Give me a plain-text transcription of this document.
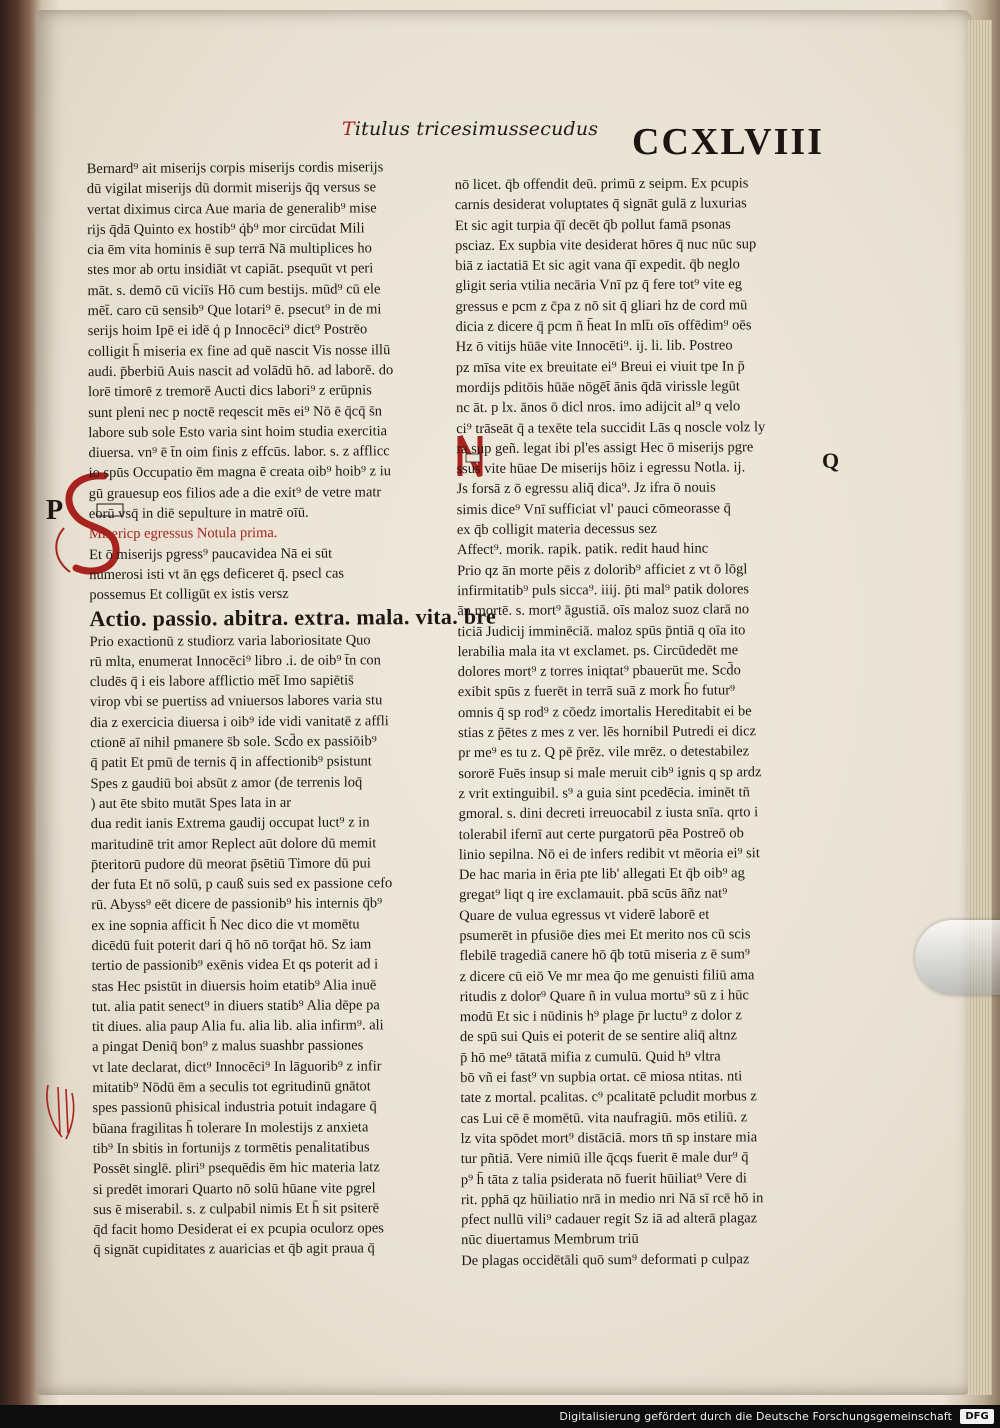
Titulus tricesimussecudus CCXLVIII
P
Q
Bernard⁹ ait miserijs corpis miserijs cordis miserijs
dū vigilat miserijs dū dormit miserijs q̄q versus se
vertat diximus circa Aue maria de generalib⁹ mise
rijs q̄dā Quinto ex hostib⁹ q̇b⁹ mor circūdat Mili
cia ēm vita hominis ē sup terrā Nā multiplices ho
stes mor ab ortu insidiāt vt capiāt. psequūt vt peri
māt. s. demō cū viciīs Hō cum bestijs. mūd⁹ cū ele
mēt̄. caro cū sensib⁹ Que lotari⁹ ē. psecut⁹ in de mi
serijs hoim Ipē ei idē q̇ p Innocēci⁹ dict⁹ Postrēo
colligit h̄ miseria ex fine ad quē nascit Vis nosse illū
audi. p̄berbiū Auis nascit ad volādū hō. ad laborē. do
lorē timorē z tremorē Aucti dics labori⁹ z erūpnis
sunt pleni nec p noctē reqescit mēs ei⁹ Nō ē q̄cq̄ s̄n
labore sub sole Esto varia sint hoim studia exercitia
diuersa. vn⁹ ē t̄n oim finis z effcūs. labor. s. z afflicc
io spūs Occupatio ēm magna ē creata oib⁹ hoib⁹ z iu
gū grauesup eos filios ade a die exit⁹ de vetre matr
eorū vsq̄ in diē sepulture in matrē oīū.
Misericp egressus Notula prima.
Et ō miserijs pgress⁹ paucavidea Nā ei sūt
numerosi isti vt ān ęgs deficeret q̄. psecl cas
possemus Et colligūt ex istis versz
Actio. passio. abitra. extra. mala. vita. bre
Prio exactionū z studiorz varia laboriositate Quo
rū mlta, enumerat Innocēci⁹ libro .i. de oib⁹ t̄n con
cludēs q̄ i eis labore afflictio mēt̄ Imo sapiētis̄
virop vbi se puertiss ad vniuersos labores varia stu
dia z exercicia diuersa i oib⁹ ide vidi vanitatē z affli
ctionē aī nihil pmanere s̄b sole. Scd̄o ex passiōib⁹
q̄ patit Et pmū de ternis q̄ in affectionib⁹ psistunt
Spes z gaudiū boi absūt z amor (de terrenis loq̄
) aut ēte sbito mutāt Spes lata in ar
dua redit ianis Extrema gaudij occupat luct⁹ z in
maritudinē trit amor Replect aūt dolore dū memit
p̄teritorū pudore dū meorat p̄sētiū Timore dū pui
der futa Et nō solū, p cauß suis sed ex passione cefo
rū. Abyss⁹ eēt dicere de passionib⁹ his internis q̄b⁹
ex ine sopnia afficit h̄ Nec dico die vt momētu
dicēdū fuit poterit dari q̄ hō nō torq̄at hō. Sz iam
tertio de passionib⁹ exēnis videa Et qs poterit ad i
stas Hec psistūt in diuersis hoim etatib⁹ Alia inuē
tut. alia patit senect⁹ in diuers statib⁹ Alia dēpe pa
tit diues. alia paup Alia fu. alia lib. alia infirm⁹. ali
a pingat Deniq̄ bon⁹ z malus suashbr passiones
vt late declarat, dict⁹ Innocēci⁹ In lāguorib⁹ z infir
mitatib⁹ Nōdū ēm a seculis tot egritudinū gnātot
spes passionū phisical industria potuit indagare q̄
būana fragilitas h̄ tolerare In molestijs z anxieta
tib⁹ In sbitis in fortunijs z tormētis penalitatibus
Possēt singlē. pliri⁹ psequēdis ēm hic materia latz
si predēt imorari Quarto nō solū hūane vite pgrel
sus ē miserabil. s. z culpabil nimis Et h̄ sit psiterē
q̄d facit homo Desiderat ei ex pcupia oculorz opes
q̄ signāt cupiditates z auaricias et q̄b agit praua q̄
nō licet. q̄b offendit deū. primū z seipm. Ex pcupis
carnis desiderat voluptates q̄ signāt gulā z luxurias
Et sic agit turpia q̄ī decēt q̄b pollut famā psonas
psciaz. Ex supbia vite desiderat hōres q̄ nuc nūc sup
biā z iactatiā Et sic agit vana q̄ī expedit. q̄b neglo
gligit seria vtilia necāria Vnī pz q̄ fere tot⁹ vite eg
gressus e pcm z c̄pa z nō sit q̄ gliari hz de cord mū
dicia z dicere q̄ pcm ñ h̄eat In mlt̄ı oīs offēdim⁹ oēs
Hz ō vitijs hūāe vite Innocēti⁹. ij. li. lib. Postreo
pz mīsa vite ex breuitate ei⁹ Breui ei viuit tpe In p̄
mordijs pditōis hūāe nōgēt̄ ānis q̄dā virissle legūt
nc āt. p lx. ānos ō dicl nros. imo adijcit al⁹ q velo
ci⁹ trāseāt q̄ a texēte tela succidit Lās q noscle volz ly
ra sup geñ. legat ibi pl'es assigt Hec ō miserijs pgre
ssus vite hūae De miserijs hōiz i egressu Notla. ij.
Js forsā z ō egressu aliq̄ dica⁹. Jz ifra ō nouis
simis dice⁹ Vnī sufficiat vl' pauci cōmeorasse q̄
ex q̄b colligit materia decessus sez
Affect⁹. morik. rapik. patik. redit haud hinc
Prio qz ān morte pēis z dolorib⁹ afficiet z vt ō lōgl
infirmitatib⁹ puls sicca⁹. iiij. p̄ti mal⁹ patik dolores
ān mortē. s. mort⁹ āgustiā. oīs maloz suoz clarā no
ticiā Judicij imminēciā. maloz spūs p̄ntiā q oīa ito
lerabilia mala ita vt exclamet. ps. Circūdedēt me
dolores mort⁹ z torres iniqtat⁹ pbauerūt me. Scd̄o
exibit spūs z fuerēt in terrā suā z mork h̄o futur⁹
omnis q̄ sp rod⁹ z cōedz imortalis Hereditabit ei be
stias z p̄ētes z mes z ver. lēs hornibil Putredi ei dicz
pr me⁹ es tu z. Q pē p̄rēz. vile mrēz. o detestabilez
sororē Fuēs insup si male meruit cib⁹ ignis q sp ardz
z vrit extinguibil. s⁹ a guia sint pcedēcia. iminēt tn̄
gmoral. s. dini decreti irreuocabil z iusta snīa. qrto i
tolerabil ifernī aut certe purgatorū pēa Postreō ob
linio sepilna. Nō ei de infers redibit vt mēoria ei⁹ sit
De hac maria in ēria pte lib' allegati Et q̄b oib⁹ ag
gregat⁹ liqt q ire exclamauit. pbā scūs āñz nat⁹
Quare de vulua egressus vt viderē laborē et
psumerēt in pfusiōe dies mei Et merito nos cū scis
flebilē tragediā canere hō q̄b totū miseria z ē sum⁹
z dicere cū eiō Ve mr mea q̄o me genuisti filiū ama
ritudis z dolor⁹ Quare ñ in vulua mortu⁹ sū z i hūc
modū Et sic i nūdinis h⁹ plage p̄r luctu⁹ z dolor z
de spū sui Quis ei poterit de se sentire aliq̄ altnz
p̄ hō me⁹ tātatā mifia z cumulū. Quid h⁹ vltra
bō vñ ei fast⁹ vn supbia ortat. cē miosa ntitas. nti
tate z mortal. pcalitas. c⁹ pcalitatē pcludit morbus z
cas Lui cē ē momētū. vita naufragiū. mōs etiliū. z
lz vita spōdet mort⁹ distāciā. mors tn̄ sp instare mia
tur pñtiā. Vere nimiū ille q̄cqs fuerit ē male dur⁹ q̄
p⁹ h̄ tāta z talia psiderata nō fuerit hūiliat⁹ Vere di
rit. pphā qz hūiliatio nrā in medio nri Nā sī rcē hō in
pfect nullū vili⁹ cadauer regit Sz iā ad alterā plagaz
nūc diuertamus Membrum triū
De plagas occidētāli quō sum⁹ deformati p culpaz
Digitalisierung gefördert durch die Deutsche Forschungsgemeinschaft	DFG
